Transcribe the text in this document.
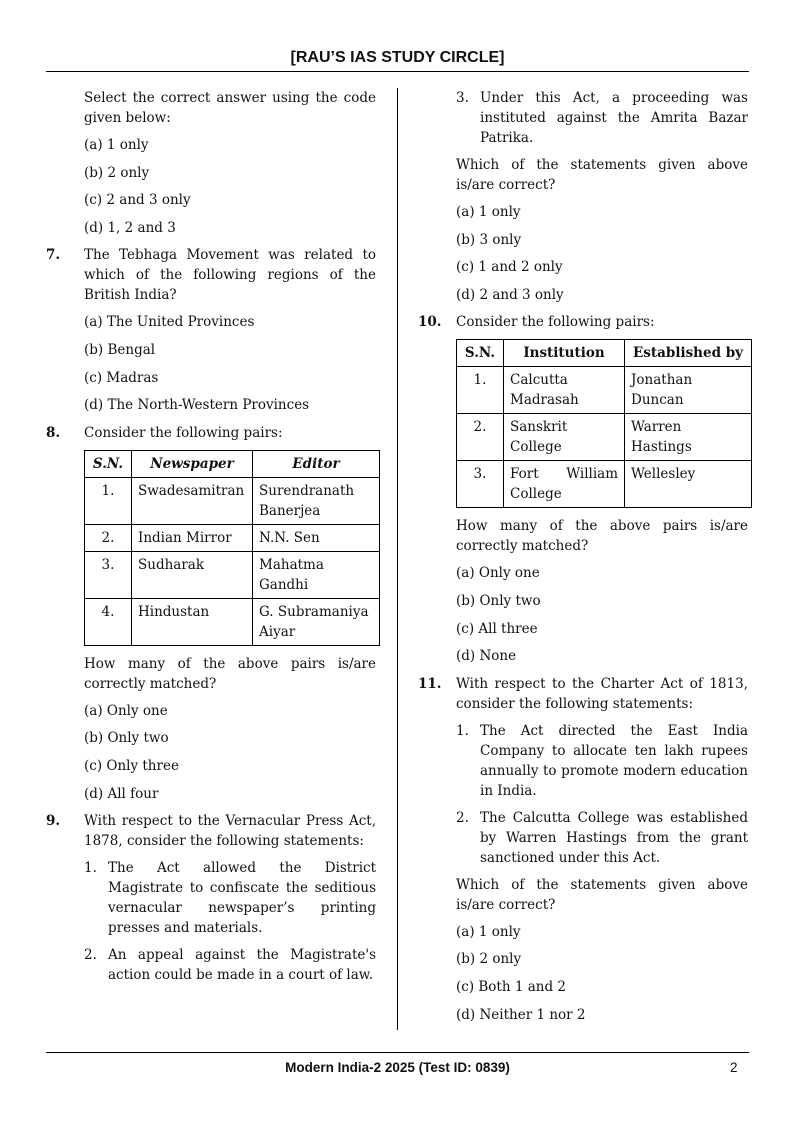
[RAU’S IAS STUDY CIRCLE]

Select the correct answer using the code given below:

(a) 1 only

(b) 2 only

(c) 2 and 3 only

(d) 1, 2 and 3

7. The Tebhaga Movement was related to which of the following regions of the British India?

(a) The United Provinces

(b) Bengal

(c) Madras

(d) The North-Western Provinces

8. Consider the following pairs:

S.N.	Newspaper	Editor
1.	Swadesamitran	Surendranath Banerjea
2.	Indian Mirror	N.N. Sen
3.	Sudharak	Mahatma Gandhi
4.	Hindustan	G. Subramaniya Aiyar

How many of the above pairs is/are correctly matched?

(a) Only one

(b) Only two

(c) Only three

(d) All four

9. With respect to the Vernacular Press Act, 1878, consider the following statements:

1. The Act allowed the District Magistrate to confiscate the seditious vernacular newspaper’s printing presses and materials.
2. An appeal against the Magistrate's action could be made in a court of law.
3. Under this Act, a proceeding was instituted against the Amrita Bazar Patrika.

Which of the statements given above is/are correct?

(a) 1 only

(b) 3 only

(c) 1 and 2 only

(d) 2 and 3 only

10. Consider the following pairs:

S.N.	Institution	Established by
1.	Calcutta Madrasah	Jonathan Duncan
2.	Sanskrit College	Warren Hastings
3.	Fort William College	Wellesley

How many of the above pairs is/are correctly matched?

(a) Only one

(b) Only two

(c) All three

(d) None

11. With respect to the Charter Act of 1813, consider the following statements:

1. The Act directed the East India Company to allocate ten lakh rupees annually to promote modern education in India.
2. The Calcutta College was established by Warren Hastings from the grant sanctioned under this Act.

Which of the statements given above is/are correct?

(a) 1 only

(b) 2 only

(c) Both 1 and 2

(d) Neither 1 nor 2

Modern India-2 2025 (Test ID: 0839)	2
